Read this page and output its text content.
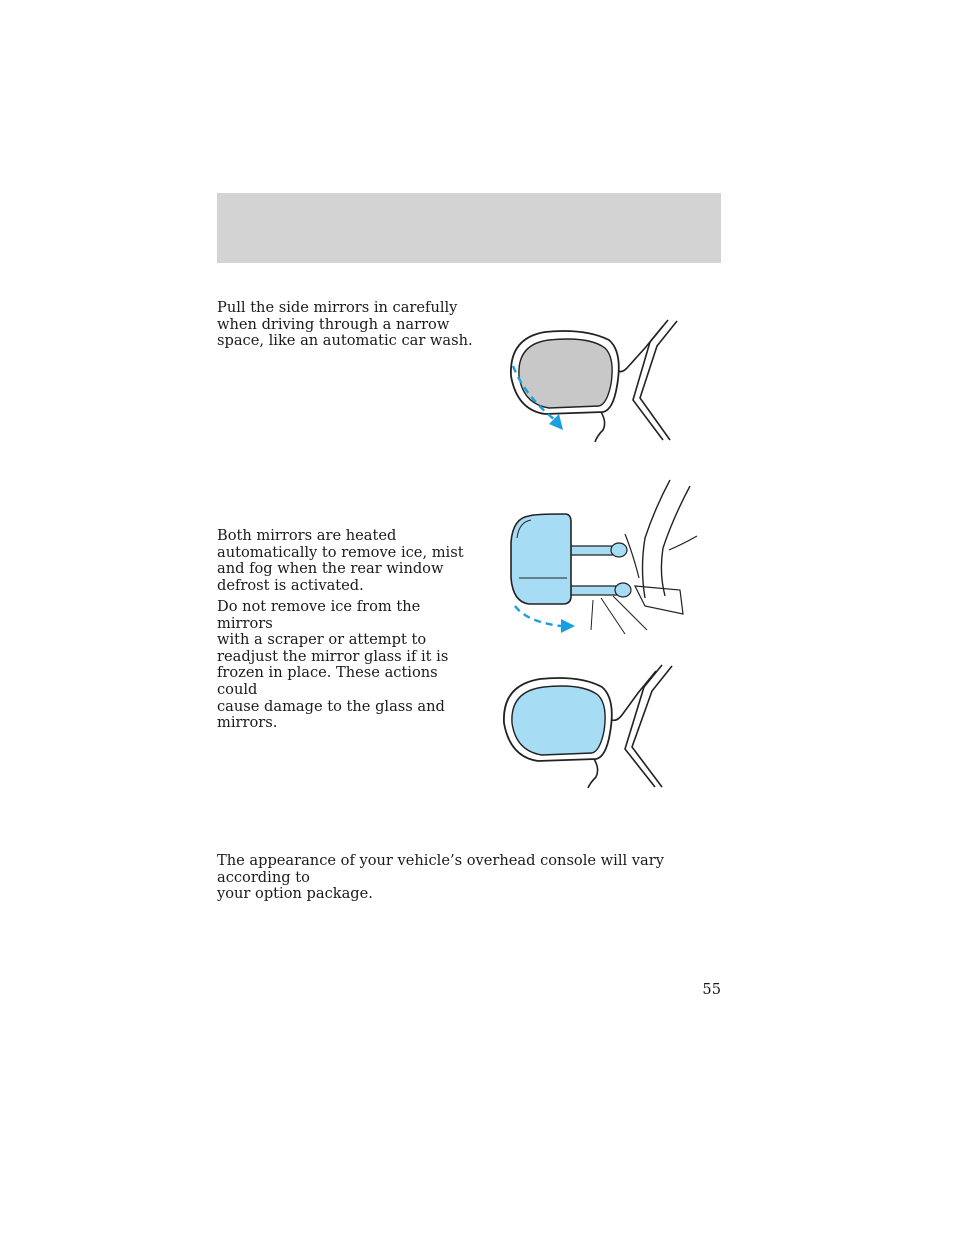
Pull the side mirrors in carefully
when driving through a narrow
space, like an automatic car wash.

Both mirrors are heated
automatically to remove ice, mist
and fog when the rear window
defrost is activated.

Do not remove ice from the mirrors
with a scraper or attempt to
readjust the mirror glass if it is
frozen in place. These actions could
cause damage to the glass and
mirrors.

The appearance of your vehicle’s overhead console will vary according to
your option package.

55
